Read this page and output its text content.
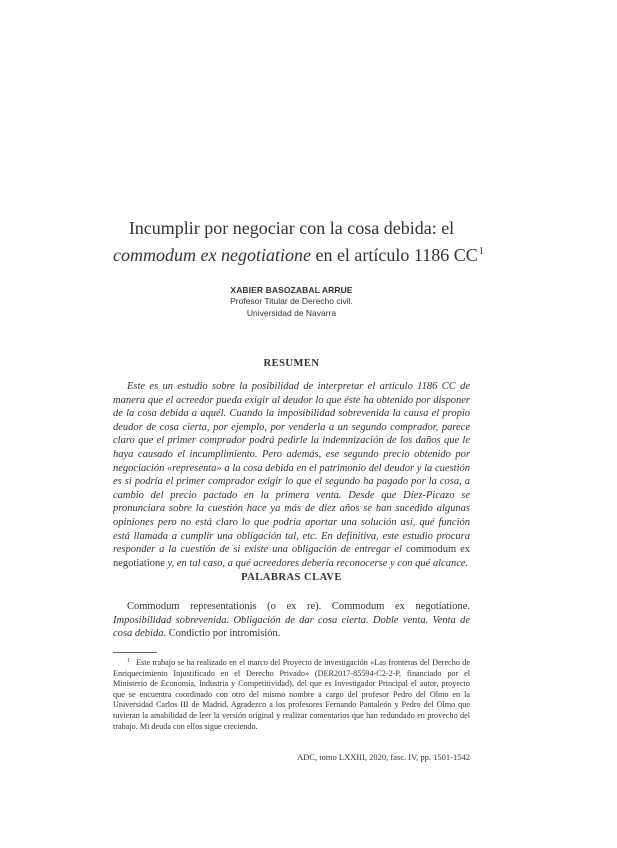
Incumplir por negociar con la cosa debida: el
commodum ex negotiatione en el artículo 1186 $CC^1$
XABIER BASOZABAL ARRUE
Profesor Titular de Derecho civil.
Universidad de Navarra
RESUMEN
Este es un estudio sobre la posibilidad de interpretar el artículo 1186 CC de manera que el acreedor pueda exigir al deudor lo que éste ha obtenido por disponer de la cosa debida a aquél. Cuando la imposibilidad sobrevenida la causa el propio deudor de cosa cierta, por ejemplo, por venderla a un segundo comprador, parece claro que el primer comprador podrá pedirle la indemnización de los daños que le haya causado el incumplimiento. Pero además, ese segundo precio obtenido por negociación «representa» a la cosa debida en el patrimonio del deudor y la cuestión es si podría el primer comprador exigir lo que el segundo ha pagado por la cosa, a cambio del precio pactado en la primera venta. Desde que Díez-Picazo se pronunciara sobre la cuestión hace ya más de diez años se han sucedido algunas opiniones pero no está claro lo que podría aportar una solución así, qué función está llamada a cumplir una obligación tal, etc. En definitiva, este estudio procura responder a la cuestión de si existe una obligación de entregar el commodum ex negotiatione y, en tal caso, a qué acreedores debería reconocerse y con qué alcance.
PALABRAS CLAVE
Commodum representationis (o ex re). Commodum ex negotiatione. Imposibilidad sobrevenida. Obligación de dar cosa cierta. Doble venta. Venta de cosa debida. Condictio por intromisión.
$^1$ Este trabajo se ha realizado en el marco del Proyecto de investigación «Las fronteras del Derecho de Enriquecimiento Injustificado en el Derecho Privado» (DER2017-85594-C2-2-P, financiado por el Ministerio de Economía, Industria y Competitividad), del que es Investigador Principal el autor, proyecto que se encuentra coordinado con otro del mismo nombre a cargo del profesor Pedro del Olmo en la Universidad Carlos III de Madrid. Agradezco a los profesores Fernando Pantaleón y Pedro del Olmo que tuvieran la amabilidad de leer la versión original y realizar comentarios que han redundado en provecho del trabajo. Mi deuda con ellos sigue creciendo.
ADC, tomo LXXIII, 2020, fasc. IV, pp. 1501-1542
